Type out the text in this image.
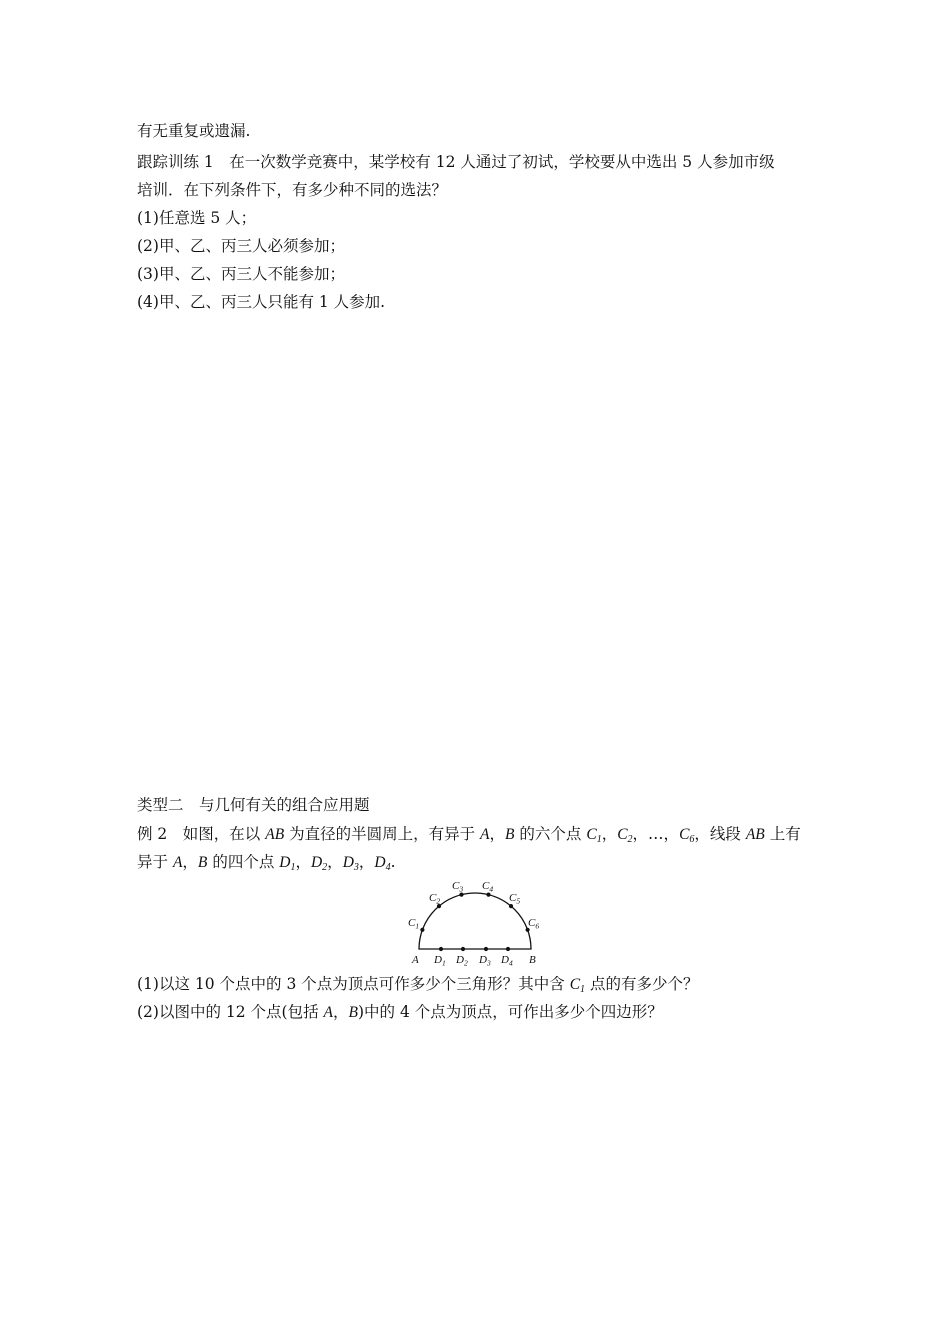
有无重复或遗漏.
跟踪训练 1  在一次数学竞赛中，某学校有 12 人通过了初试，学校要从中选出 5 人参加市级
培训．在下列条件下，有多少种不同的选法？
(1)任意选 5 人；
(2)甲、乙、丙三人必须参加；
(3)甲、乙、丙三人不能参加；
(4)甲、乙、丙三人只能有 1 人参加.
类型二　与几何有关的组合应用题
例 2  如图，在以 AB 为直径的半圆周上，有异于 A，B 的六个点 $C_1$，$C_2$，…，$C_6$，线段 AB 上有
异于 A，B 的四个点 $D_1$，$D_2$，$D_3$，$D_4$.
$C_1$
$C_2$
$C_3$ $C_4$
$C_5$
$C_6$
A $D_1$ $D_2$ $D_3$ $D_4$ B
(1)以这 10 个点中的 3 个点为顶点可作多少个三角形？其中含 $C_1$ 点的有多少个？
(2)以图中的 12 个点(包括 A，B)中的 4 个点为顶点，可作出多少个四边形？
